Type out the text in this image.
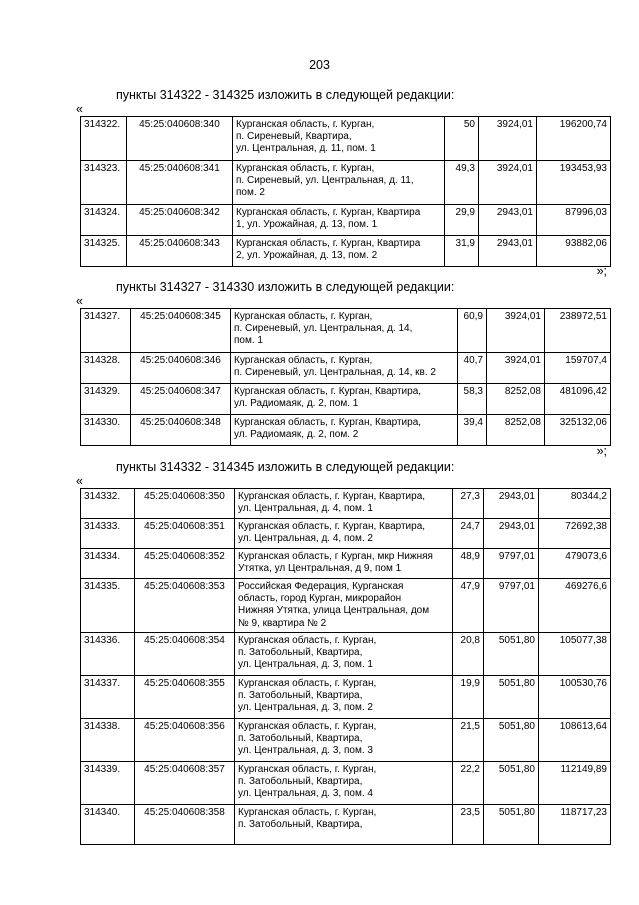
203
пункты 314322 - 314325 изложить в следующей редакции:
«
314322.	45:25:040608:340	Курганская область, г. Курган,
п. Сиреневый, Квартира,
ул. Центральная, д. 11, пом. 1	50	3924,01	196200,74
314323.	45:25:040608:341	Курганская область, г. Курган,
п. Сиреневый, ул. Центральная, д. 11,
пом. 2	49,3	3924,01	193453,93
314324.	45:25:040608:342	Курганская область, г. Курган, Квартира
1, ул. Урожайная, д. 13, пом. 1	29,9	2943,01	87996,03
314325.	45:25:040608:343	Курганская область, г. Курган, Квартира
2, ул. Урожайная, д. 13, пом. 2	31,9	2943,01	93882,06
»;
пункты 314327 - 314330 изложить в следующей редакции:
«
314327.	45:25:040608:345	Курганская область, г. Курган,
п. Сиреневый, ул. Центральная, д. 14,
пом. 1	60,9	3924,01	238972,51
314328.	45:25:040608:346	Курганская область, г. Курган,
п. Сиреневый, ул. Центральная, д. 14, кв. 2	40,7	3924,01	159707,4
314329.	45:25:040608:347	Курганская область, г. Курган, Квартира,
ул. Радиомаяк, д. 2, пом. 1	58,3	8252,08	481096,42
314330.	45:25:040608:348	Курганская область, г. Курган, Квартира,
ул. Радиомаяк, д. 2, пом. 2	39,4	8252,08	325132,06
»;
пункты 314332 - 314345 изложить в следующей редакции:
«
314332.	45:25:040608:350	Курганская область, г. Курган, Квартира,
ул. Центральная, д. 4, пом. 1	27,3	2943,01	80344,2
314333.	45:25:040608:351	Курганская область, г. Курган, Квартира,
ул. Центральная, д. 4, пом. 2	24,7	2943,01	72692,38
314334.	45:25:040608:352	Курганская область, г Курган, мкр Нижняя
Утятка, ул Центральная, д 9, пом 1	48,9	9797,01	479073,6
314335.	45:25:040608:353	Российская Федерация, Курганская
область, город Курган, микрорайон
Нижняя Утятка, улица Центральная, дом
№ 9, квартира № 2	47,9	9797,01	469276,6
314336.	45:25:040608:354	Курганская область, г. Курган,
п. Затобольный, Квартира,
ул. Центральная, д. 3, пом. 1	20,8	5051,80	105077,38
314337.	45:25:040608:355	Курганская область, г. Курган,
п. Затобольный, Квартира,
ул. Центральная, д. 3, пом. 2	19,9	5051,80	100530,76
314338.	45:25:040608:356	Курганская область, г. Курган,
п. Затобольный, Квартира,
ул. Центральная, д. 3, пом. 3	21,5	5051,80	108613,64
314339.	45:25:040608:357	Курганская область, г. Курган,
п. Затобольный, Квартира,
ул. Центральная, д. 3, пом. 4	22,2	5051,80	112149,89
314340.	45:25:040608:358	Курганская область, г. Курган,
п. Затобольный, Квартира,	23,5	5051,80	118717,23
